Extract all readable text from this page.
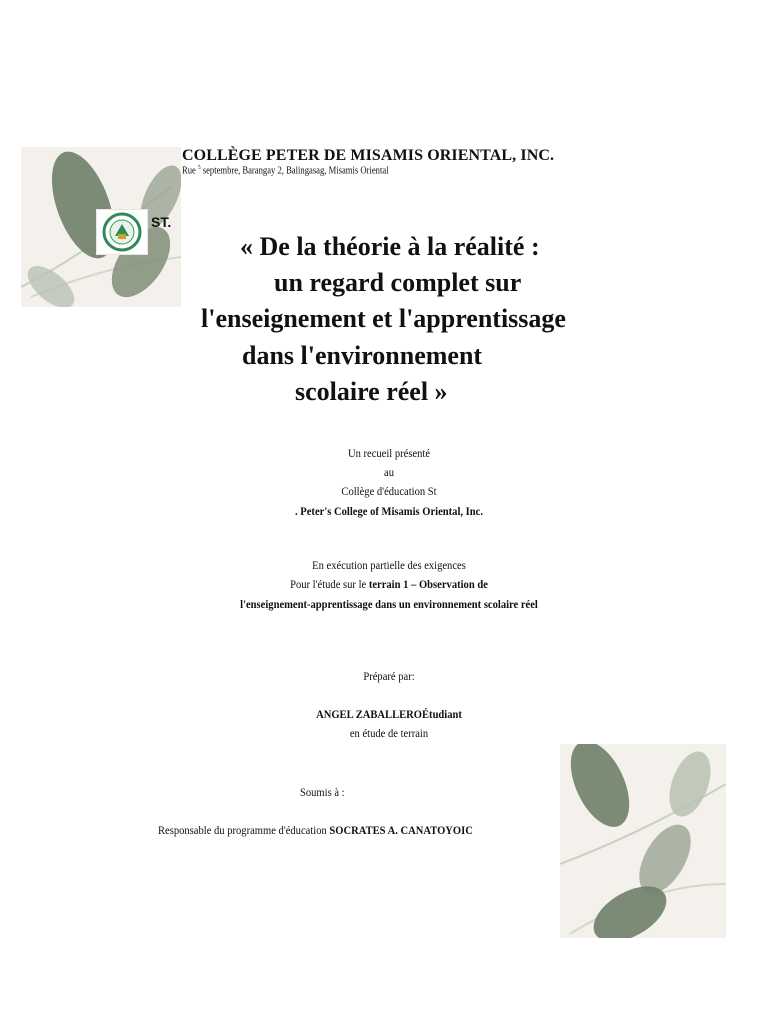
ST.
COLLÈGE PETER DE MISAMIS ORIENTAL, INC.
Rue $^5$ septembre, Barangay 2, Balingasag, Misamis Oriental
« De la théorie à la réalité :
un regard complet sur
l'enseignement et l'apprentissage
dans l'environnement
scolaire réel »
Un recueil présenté
au
Collège d'éducation St
. Peter's College of Misamis Oriental, Inc.
En exécution partielle des exigences
Pour l'étude sur le terrain 1 – Observation de
l'enseignement-apprentissage dans un environnement scolaire réel
Préparé par:
ANGEL ZABALLEROÉtudiant
en étude de terrain
Soumis à :
Responsable du programme d'éducation SOCRATES A. CANATOYOIC
